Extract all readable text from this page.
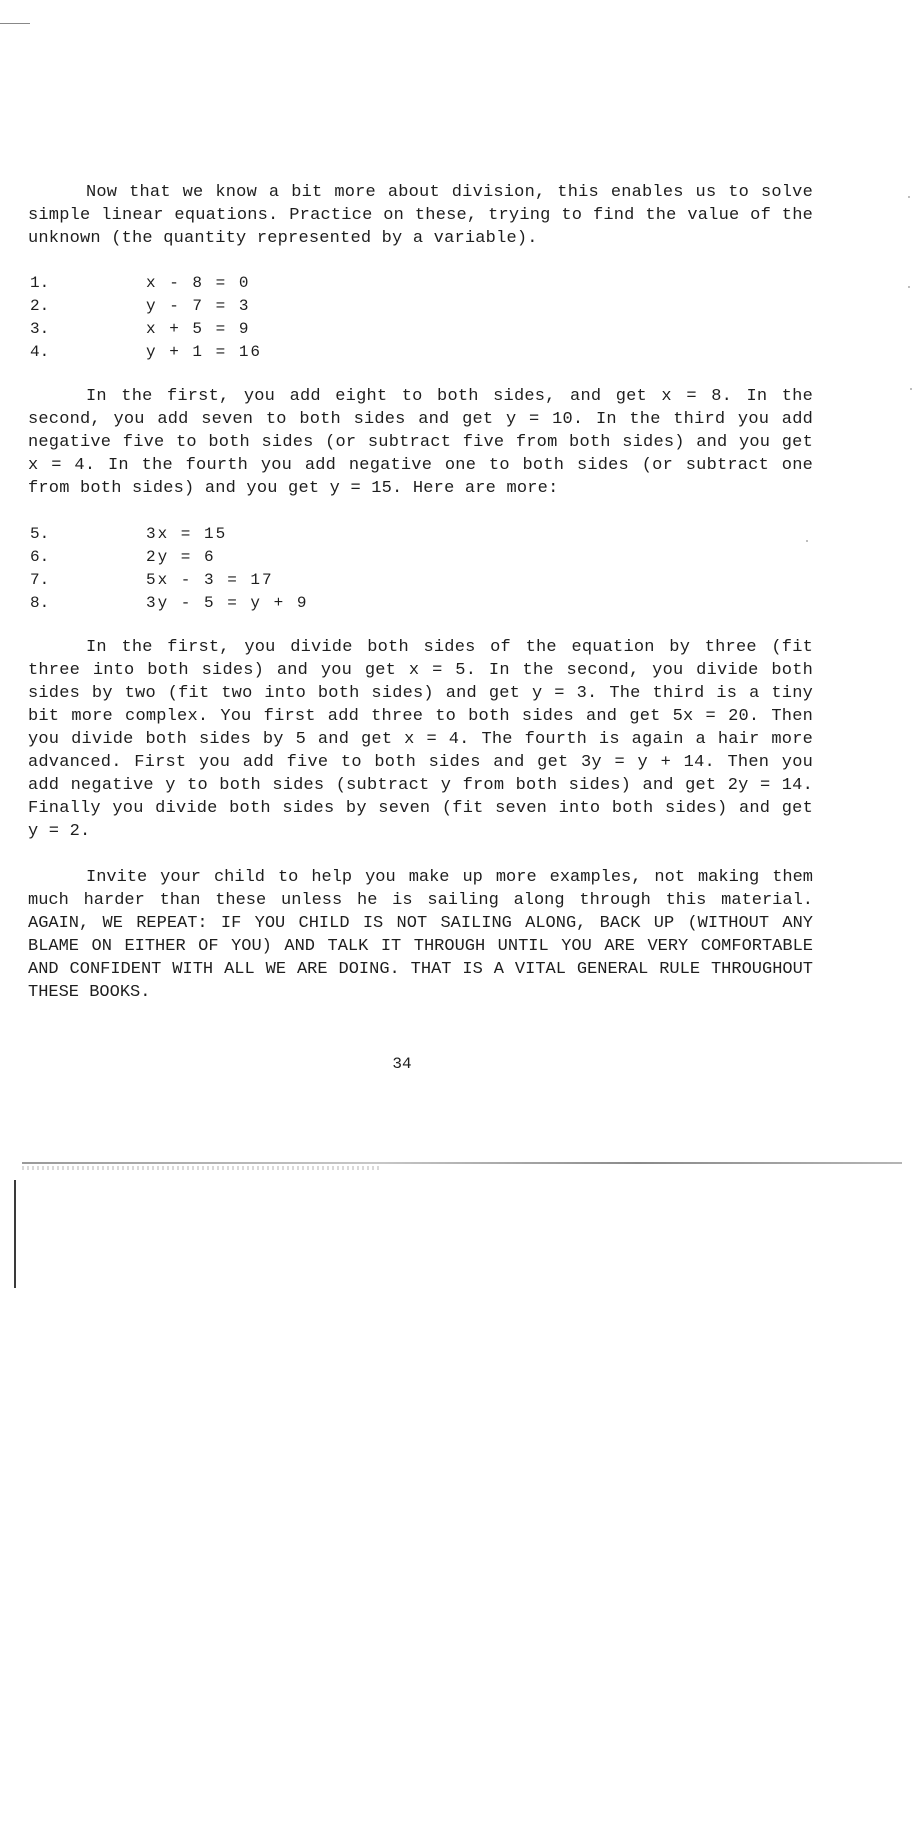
Now that we know a bit more about division, this enables us to solve simple linear equations. Practice on these, trying to find the value of the unknown (the quantity represented by a variable).

1.

	x - 8 = 0

2.

	y - 7 = 3

3.

	x + 5 = 9

4.

	y + 1 = 16

In the first, you add eight to both sides, and get x = 8. In the second, you add seven to both sides and get y = 10. In the third you add negative five to both sides (or subtract five from both sides) and you get x = 4. In the fourth you add negative one to both sides (or subtract one from both sides) and you get y = 15. Here are more:

5.

	3x = 15

6.

	2y = 6

7.

	5x - 3 = 17

8.

	3y - 5 = y + 9

In the first, you divide both sides of the equation by three (fit three into both sides) and you get x = 5. In the second, you divide both sides by two (fit two into both sides) and get y = 3. The third is a tiny bit more complex. You first add three to both sides and get 5x = 20. Then you divide both sides by 5 and get x = 4. The fourth is again a hair more advanced. First you add five to both sides and get 3y = y + 14. Then you add negative y to both sides (subtract y from both sides) and get 2y = 14. Finally you divide both sides by seven (fit seven into both sides) and get y = 2.

Invite your child to help you make up more examples, not making them much harder than these unless he is sailing along through this material. AGAIN, WE REPEAT: IF YOU CHILD IS NOT SAILING ALONG, BACK UP (WITHOUT ANY BLAME ON EITHER OF YOU) AND TALK IT THROUGH UNTIL YOU ARE VERY COMFORTABLE AND CONFIDENT WITH ALL WE ARE DOING. THAT IS A VITAL GENERAL RULE THROUGHOUT THESE BOOKS.

34
